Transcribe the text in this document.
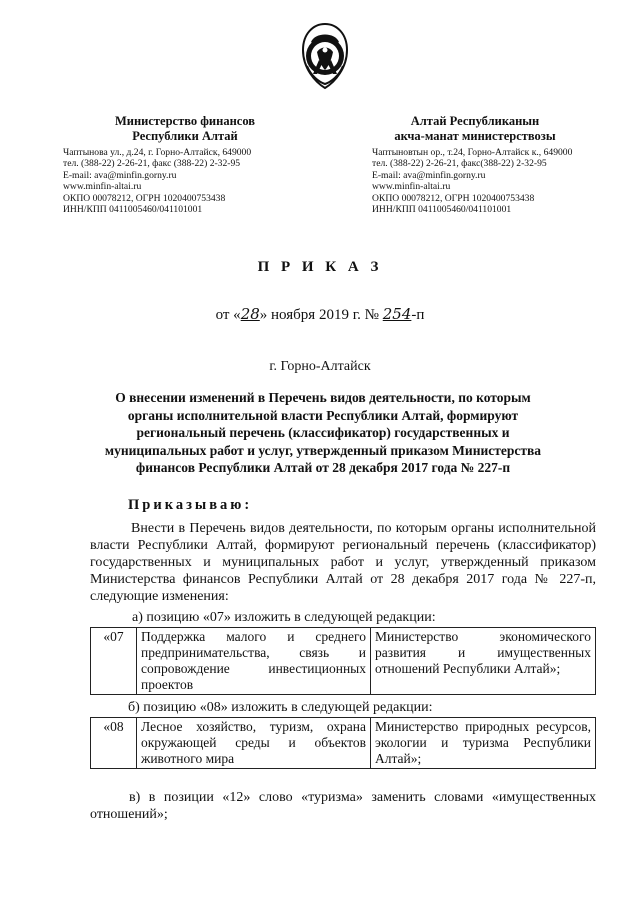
Министерство финансов
Республики Алтай
Чаптынова ул., д.24, г. Горно-Алтайск, 649000
тел. (388-22) 2-26-21, факс (388-22) 2-32-95
E-mail: ava@minfin.gorny.ru
www.minfin-altai.ru
ОКПО 00078212, ОГРН 1020400753438
ИНН/КПП 0411005460/041101001
Алтай Республиканын
акча-манат министерствозы
Чаптыновтын ор., т.24, Горно-Алтайск к., 649000
тел. (388-22) 2-26-21, факс(388-22) 2-32-95
E-mail: ava@minfin.gorny.ru
www.minfin-altai.ru
ОКПО 00078212, ОГРН 1020400753438
ИНН/КПП 0411005460/041101001
П Р И К А З
от «28» ноября 2019 г. № 254-п
г. Горно-Алтайск
О внесении изменений в Перечень видов деятельности, по которым органы исполнительной власти Республики Алтай, формируют региональный перечень (классификатор) государственных и муниципальных работ и услуг, утвержденный приказом Министерства финансов Республики Алтай от 28 декабря 2017 года № 227-п
Приказываю:
Внести в Перечень видов деятельности, по которым органы исполнительной власти Республики Алтай, формируют региональный перечень (классификатор) государственных и муниципальных работ и услуг, утвержденный приказом Министерства финансов Республики Алтай от 28 декабря 2017 года № 227-п, следующие изменения:
а) позицию «07» изложить в следующей редакции:
«07	Поддержка малого и среднего предпринимательства, связь и сопровождение инвестиционных проектов	Министерство экономического развития и имущественных отношений Республики Алтай»;
б) позицию «08» изложить в следующей редакции:
«08	Лесное хозяйство, туризм, охрана окружающей среды и объектов животного мира	Министерство природных ресурсов, экологии и туризма Республики Алтай»;
в) в позиции «12» слово «туризма» заменить словами «имущественных отношений»;
